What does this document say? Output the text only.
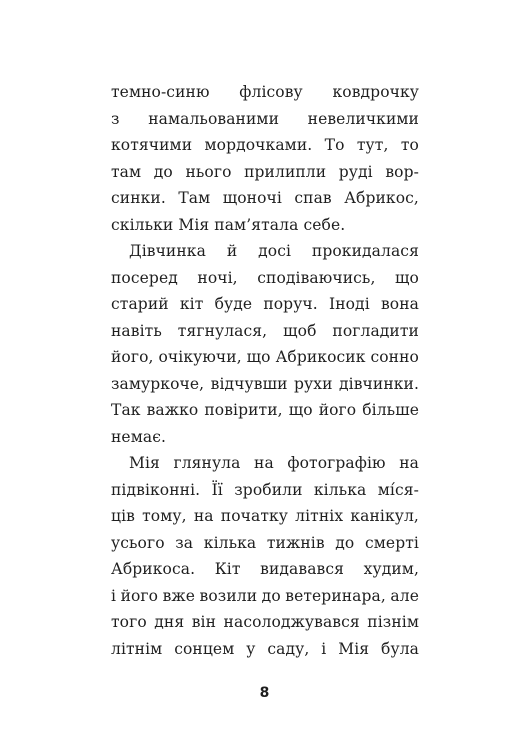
темно-синю флісову ковдрочку
з намальованими невеличкими
котячими мордочками. То тут, то
там до нього прилипли руді вор-
синки. Там щоночі спав Абрикос,
скільки Мія пам’ятала себе.
Дівчинка й досі прокидалася
посеред ночі, сподіваючись, що
старий кіт буде поруч. Іноді вона
навіть тягнулася, щоб погладити
його, очікуючи, що Абрикосик сонно
замуркоче, відчувши рухи дівчинки.
Так важко повірити, що його більше
немає.
Мія глянула на фотографію на
підвіконні. Її зробили кілька мíся-
ців тому, на початку літніх канікул,
усього за кілька тижнів до смерті
Абрикоса. Кіт видавався худим,
і його вже возили до ветеринара, але
того дня він насолоджувався пізнім
літнім сонцем у саду, і Мія була
8
